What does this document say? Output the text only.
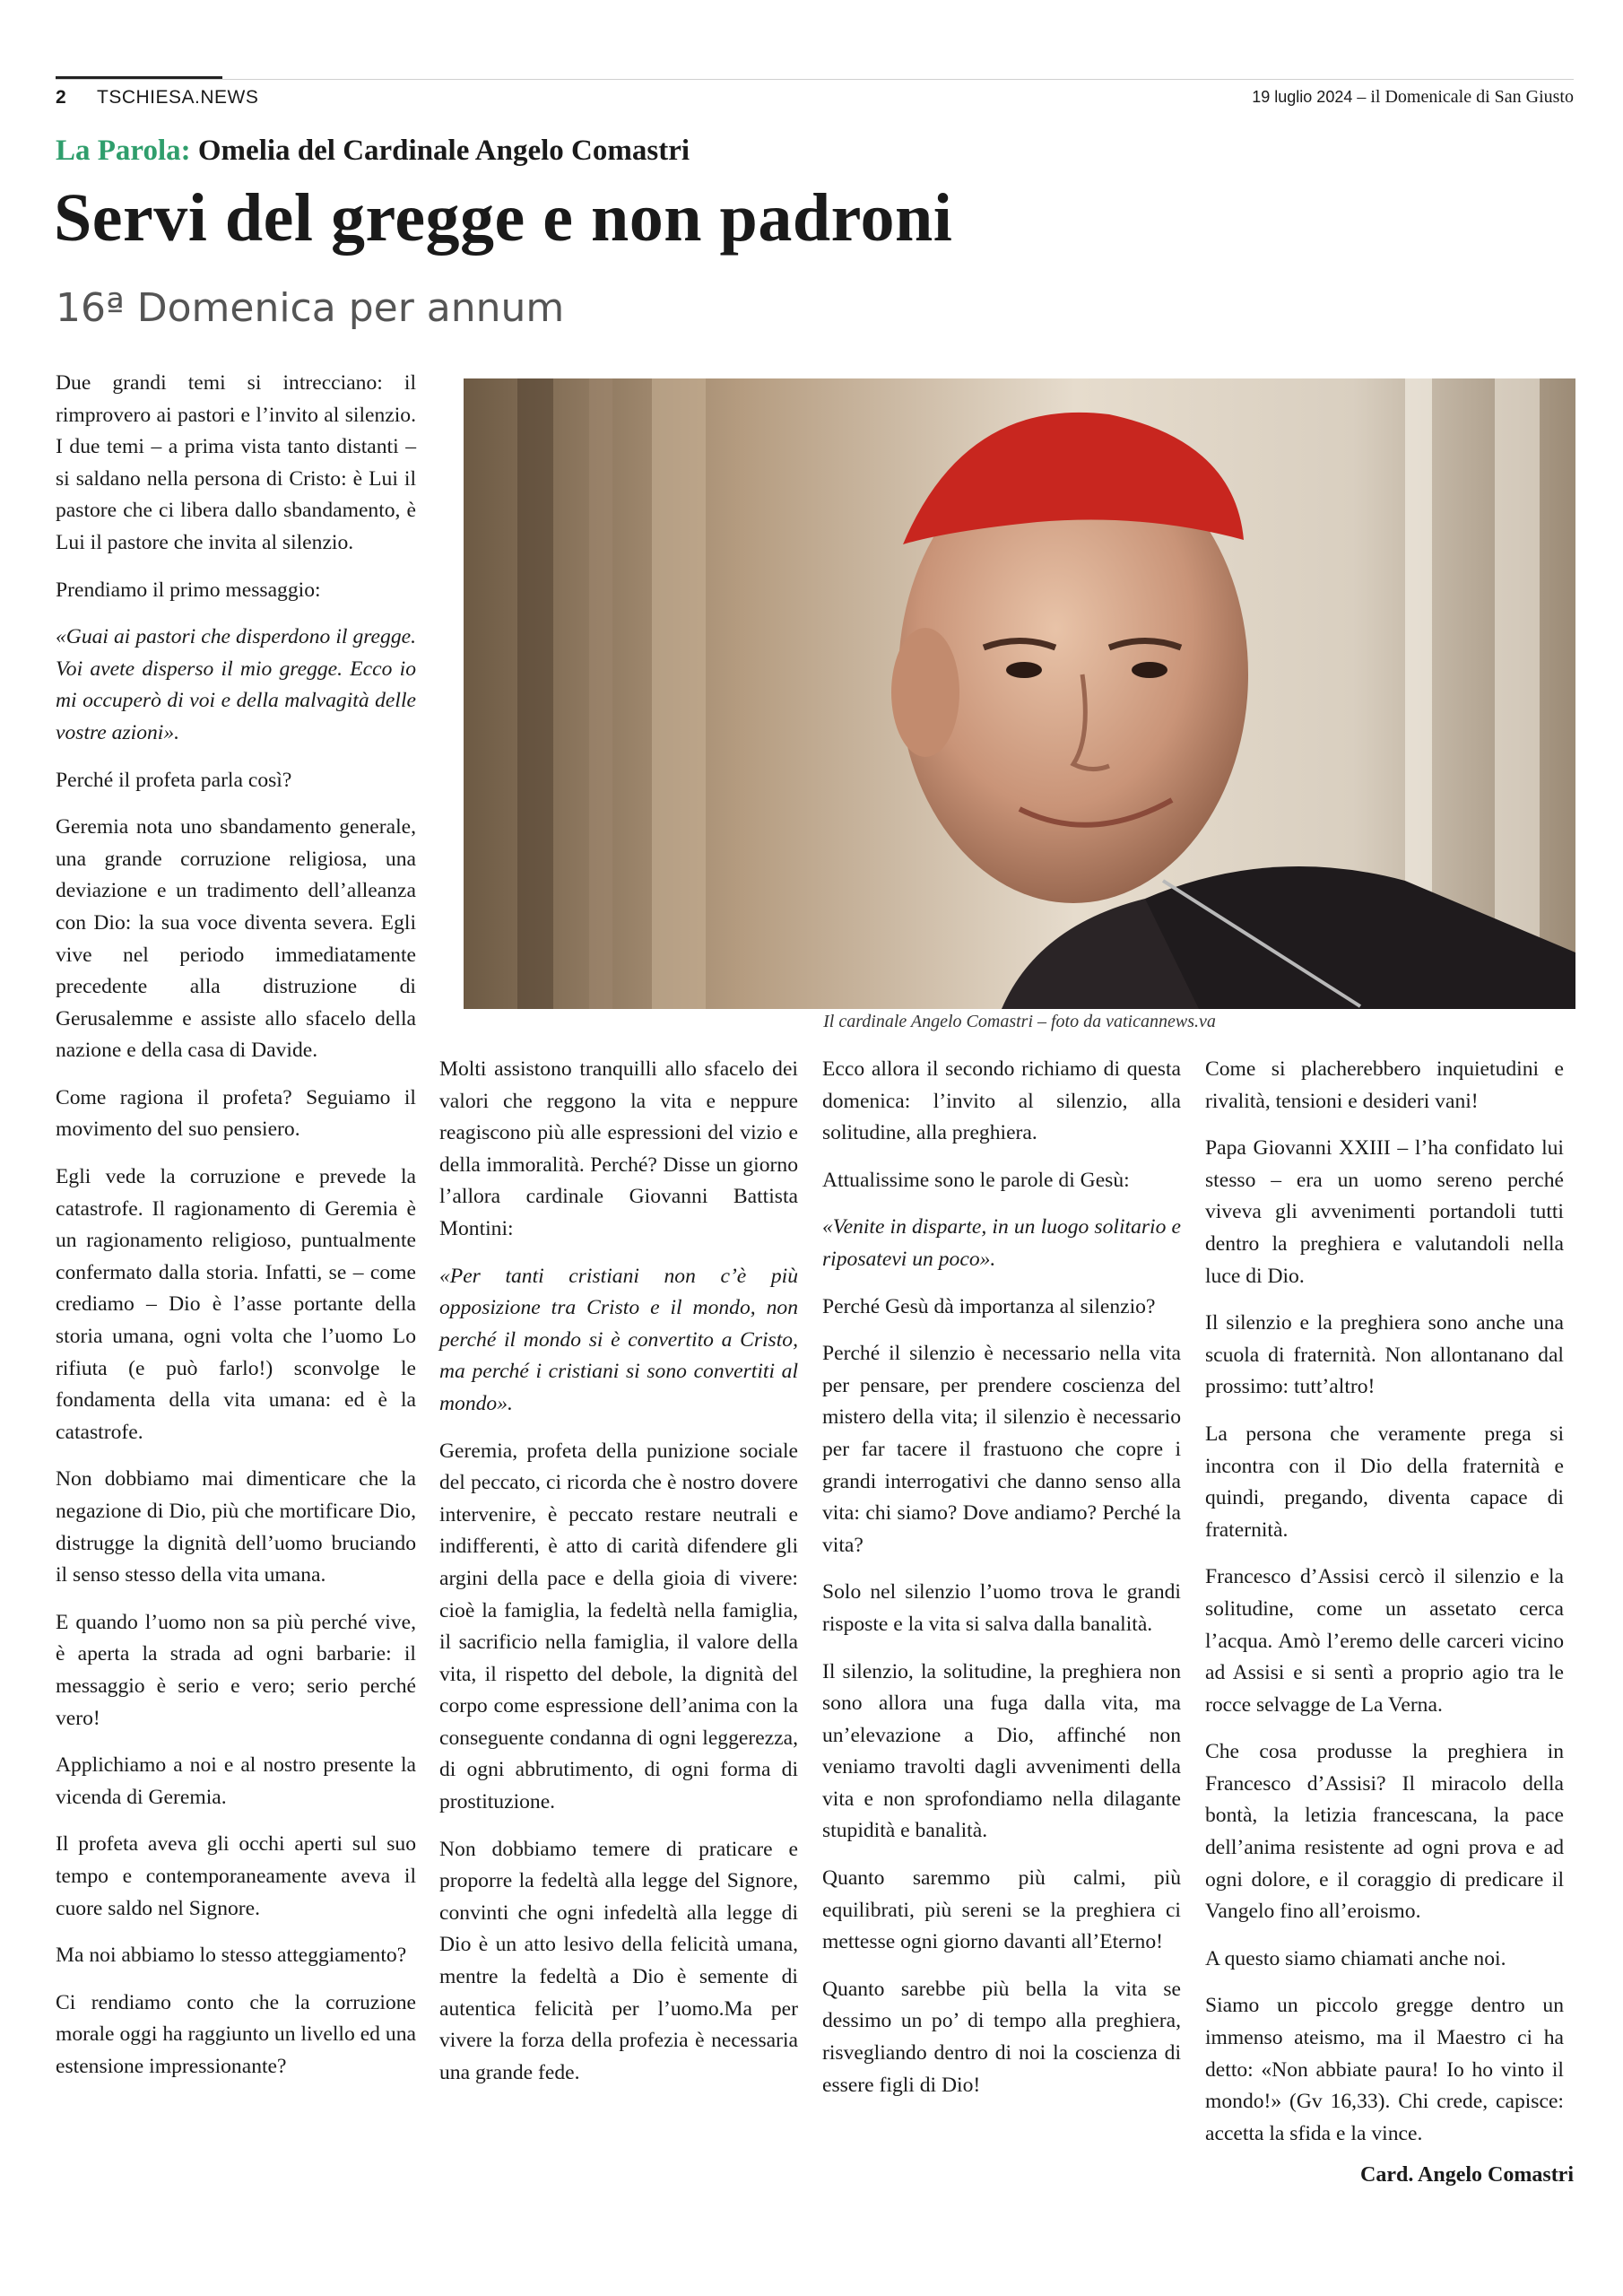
2 TSCHIESA.NEWS	19 luglio 2024 – il Domenicale di San Giusto
La Parola: Omelia del Cardinale Angelo Comastri
Servi del gregge e non padroni
16ª Domenica per annum

Due grandi temi si intrecciano: il rimprovero ai pastori e l’invito al silenzio. I due temi – a prima vista tanto distanti – si saldano nella persona di Cristo: è Lui il pastore che ci libera dallo sbandamento, è Lui il pastore che invita al silenzio.

Prendiamo il primo messaggio:

«Guai ai pastori che disperdono il gregge. Voi avete disperso il mio gregge. Ecco io mi occuperò di voi e della malvagità delle vostre azioni».

Perché il profeta parla così?

Geremia nota uno sbandamento generale, una grande corruzione religiosa, una deviazione e un tradimento dell’alleanza con Dio: la sua voce diventa severa. Egli vive nel periodo immediatamente precedente alla distruzione di Gerusalemme e assiste allo sfacelo della nazione e della casa di Davide.

Come ragiona il profeta? Seguiamo il movimento del suo pensiero.

Egli vede la corruzione e prevede la catastrofe. Il ragionamento di Geremia è un ragionamento religioso, puntualmente confermato dalla storia. Infatti, se – come crediamo – Dio è l’asse portante della storia umana, ogni volta che l’uomo Lo rifiuta (e può farlo!) sconvolge le fondamenta della vita umana: ed è la catastrofe.

Non dobbiamo mai dimenticare che la negazione di Dio, più che mortificare Dio, distrugge la dignità dell’uomo bruciando il senso stesso della vita umana.

E quando l’uomo non sa più perché vive, è aperta la strada ad ogni barbarie: il messaggio è serio e vero; serio perché vero!

Applichiamo a noi e al nostro presente la vicenda di Geremia.

Il profeta aveva gli occhi aperti sul suo tempo e contemporaneamente aveva il cuore saldo nel Signore.

Ma noi abbiamo lo stesso atteggiamento?

Ci rendiamo conto che la corruzione morale oggi ha raggiunto un livello ed una estensione impressionante?

Il cardinale Angelo Comastri – foto da vaticannews.va

Molti assistono tranquilli allo sfacelo dei valori che reggono la vita e neppure reagiscono più alle espressioni del vizio e della immoralità. Perché? Disse un giorno l’allora cardinale Giovanni Battista Montini:

«Per tanti cristiani non c’è più opposizione tra Cristo e il mondo, non perché il mondo si è convertito a Cristo, ma perché i cristiani si sono convertiti al mondo».

Geremia, profeta della punizione sociale del peccato, ci ricorda che è nostro dovere intervenire, è peccato restare neutrali e indifferenti, è atto di carità difendere gli argini della pace e della gioia di vivere: cioè la famiglia, la fedeltà nella famiglia, il sacrificio nella famiglia, il valore della vita, il rispetto del debole, la dignità del corpo come espressione dell’anima con la conseguente condanna di ogni leggerezza, di ogni abbrutimento, di ogni forma di prostituzione.

Non dobbiamo temere di praticare e proporre la fedeltà alla legge del Signore, convinti che ogni infedeltà alla legge di Dio è un atto lesivo della felicità umana, mentre la fedeltà a Dio è semente di autentica felicità per l’uomo.Ma per vivere la forza della profezia è necessaria una grande fede.

Ecco allora il secondo richiamo di questa domenica: l’invito al silenzio, alla solitudine, alla preghiera.

Attualissime sono le parole di Gesù:

«Venite in disparte, in un luogo solitario e riposatevi un poco».

Perché Gesù dà importanza al silenzio?

Perché il silenzio è necessario nella vita per pensare, per prendere coscienza del mistero della vita; il silenzio è necessario per far tacere il frastuono che copre i grandi interrogativi che danno senso alla vita: chi siamo? Dove andiamo? Perché la vita?

Solo nel silenzio l’uomo trova le grandi risposte e la vita si salva dalla banalità.

Il silenzio, la solitudine, la preghiera non sono allora una fuga dalla vita, ma un’elevazione a Dio, affinché non veniamo travolti dagli avvenimenti della vita e non sprofondiamo nella dilagante stupidità e banalità.

Quanto saremmo più calmi, più equilibrati, più sereni se la preghiera ci mettesse ogni giorno davanti all’Eterno!

Quanto sarebbe più bella la vita se dessimo un po’ di tempo alla preghiera, risvegliando dentro di noi la coscienza di essere figli di Dio!

Come si placherebbero inquietudini e rivalità, tensioni e desideri vani!

Papa Giovanni XXIII – l’ha confidato lui stesso – era un uomo sereno perché viveva gli avvenimenti portandoli tutti dentro la preghiera e valutandoli nella luce di Dio.

Il silenzio e la preghiera sono anche una scuola di fraternità. Non allontanano dal prossimo: tutt’altro!

La persona che veramente prega si incontra con il Dio della fraternità e quindi, pregando, diventa capace di fraternità.

Francesco d’Assisi cercò il silenzio e la solitudine, come un assetato cerca l’acqua. Amò l’eremo delle carceri vicino ad Assisi e si sentì a proprio agio tra le rocce selvagge de La Verna.

Che cosa produsse la preghiera in Francesco d’Assisi? Il miracolo della bontà, la letizia francescana, la pace dell’anima resistente ad ogni prova e ad ogni dolore, e il coraggio di predicare il Vangelo fino all’eroismo.

A questo siamo chiamati anche noi.

Siamo un piccolo gregge dentro un immenso ateismo, ma il Maestro ci ha detto: «Non abbiate paura! Io ho vinto il mondo!» (Gv 16,33). Chi crede, capisce: accetta la sfida e la vince.

Card. Angelo Comastri
